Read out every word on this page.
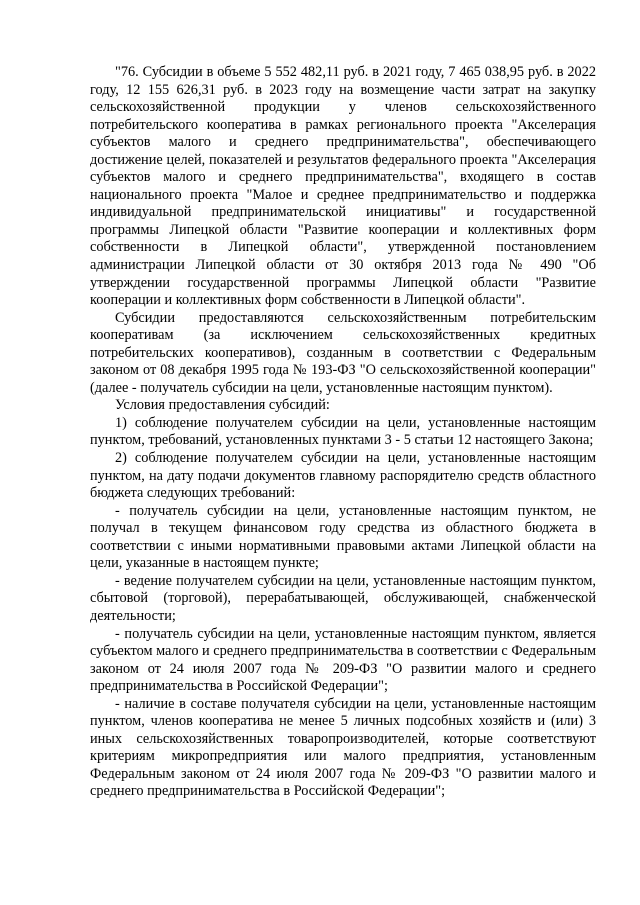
"76. Субсидии в объеме 5 552 482,11 руб. в 2021 году, 7 465 038,95 руб. в 2022 году, 12 155 626,31 руб. в 2023 году на возмещение части затрат на закупку сельскохозяйственной продукции у членов сельскохозяйственного потребительского кооператива в рамках регионального проекта "Акселерация субъектов малого и среднего предпринимательства", обеспечивающего достижение целей, показателей и результатов федерального проекта "Акселерация субъектов малого и среднего предпринимательства", входящего в состав национального проекта "Малое и среднее предпринимательство и поддержка индивидуальной предпринимательской инициативы" и государственной программы Липецкой области "Развитие кооперации и коллективных форм собственности в Липецкой области", утвержденной постановлением администрации Липецкой области от 30 октября 2013 года № 490 "Об утверждении государственной программы Липецкой области "Развитие кооперации и коллективных форм собственности в Липецкой области".

Субсидии предоставляются сельскохозяйственным потребительским кооперативам (за исключением сельскохозяйственных кредитных потребительских кооперативов), созданным в соответствии с Федеральным законом от 08 декабря 1995 года № 193-ФЗ "О сельскохозяйственной кооперации" (далее - получатель субсидии на цели, установленные настоящим пунктом).

Условия предоставления субсидий:

1) соблюдение получателем субсидии на цели, установленные настоящим пунктом, требований, установленных пунктами 3 - 5 статьи 12 настоящего Закона;

2) соблюдение получателем субсидии на цели, установленные настоящим пунктом, на дату подачи документов главному распорядителю средств областного бюджета следующих требований:

- получатель субсидии на цели, установленные настоящим пунктом, не получал в текущем финансовом году средства из областного бюджета в соответствии с иными нормативными правовыми актами Липецкой области на цели, указанные в настоящем пункте;

- ведение получателем субсидии на цели, установленные настоящим пунктом, сбытовой (торговой), перерабатывающей, обслуживающей, снабженческой деятельности;

- получатель субсидии на цели, установленные настоящим пунктом, является субъектом малого и среднего предпринимательства в соответствии с Федеральным законом от 24 июля 2007 года № 209-ФЗ "О развитии малого и среднего предпринимательства в Российской Федерации";

- наличие в составе получателя субсидии на цели, установленные настоящим пунктом, членов кооператива не менее 5 личных подсобных хозяйств и (или) 3 иных сельскохозяйственных товаропроизводителей, которые соответствуют критериям микропредприятия или малого предприятия, установленным Федеральным законом от 24 июля 2007 года № 209-ФЗ "О развитии малого и среднего предпринимательства в Российской Федерации";
